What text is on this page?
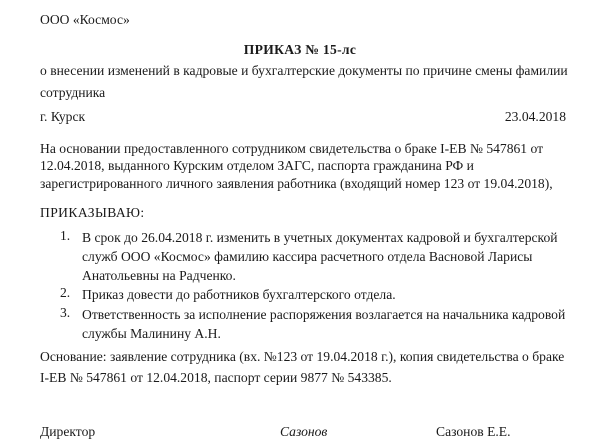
ООО «Космос»
ПРИКАЗ № 15-лс
о внесении изменений в кадровые и бухгалтерские документы по причине смены фамилии сотрудника
г. Курск	23.04.2018
На основании предоставленного сотрудником свидетельства о браке I-ЕВ № 547861 от 12.04.2018, выданного Курским отделом ЗАГС, паспорта гражданина РФ и зарегистрированного личного заявления работника (входящий номер 123 от 19.04.2018),
ПРИКАЗЫВАЮ:
1. В срок до 26.04.2018 г. изменить в учетных документах кадровой и бухгалтерской служб ООО «Космос» фамилию кассира расчетного отдела Васновой Ларисы Анатольевны на Радченко.
2. Приказ довести до работников бухгалтерского отдела.
3. Ответственность за исполнение распоряжения возлагается на начальника кадровой службы Малинину А.Н.
Основание: заявление сотрудника (вх. №123 от 19.04.2018 г.), копия свидетельства о браке I-ЕВ № 547861 от 12.04.2018, паспорт серии 9877 № 543385.
Директор	Сазонов	Сазонов Е.Е.
